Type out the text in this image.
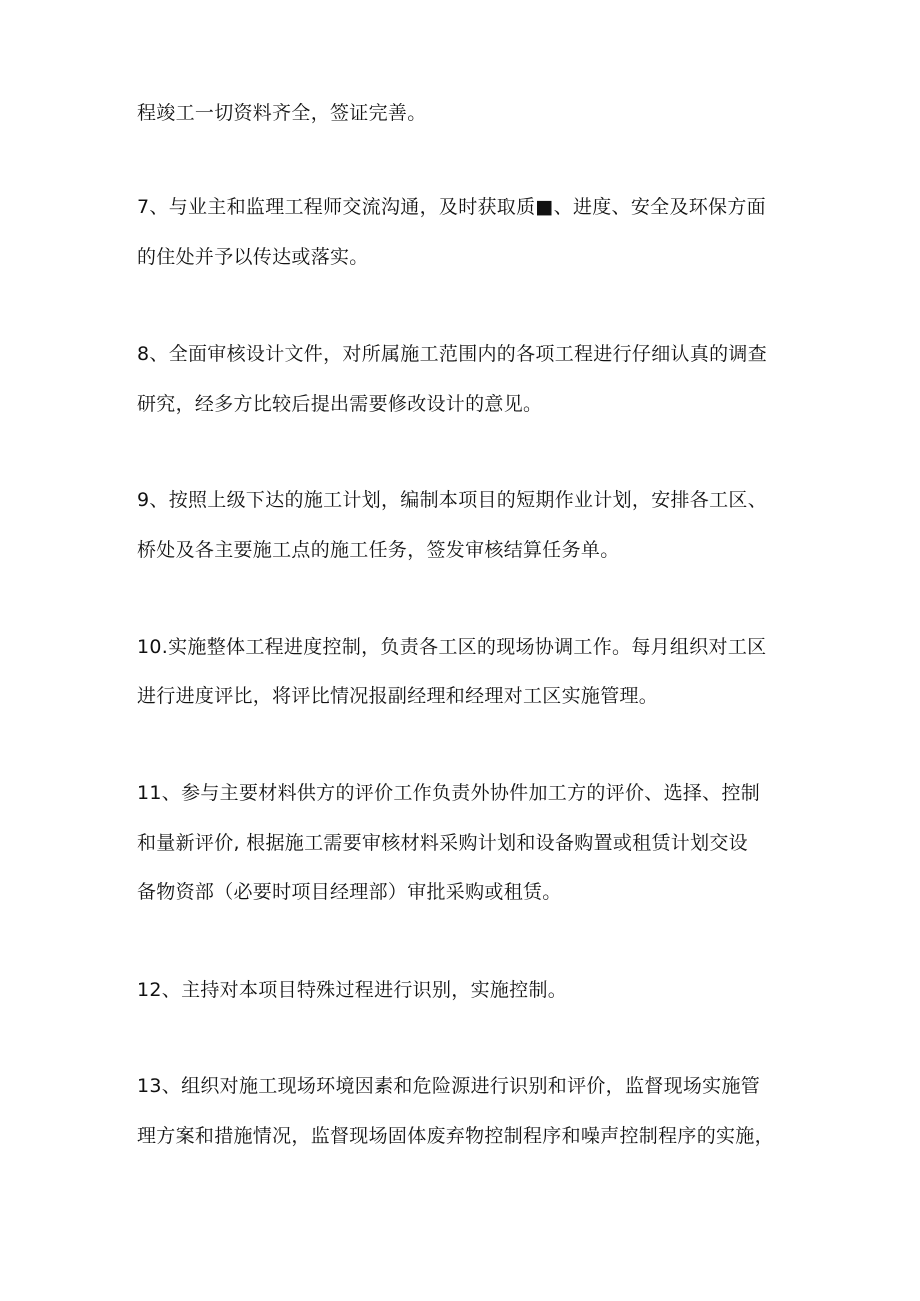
程竣工一切资料齐全，签证完善。
7、与业主和监理工程师交流沟通，及时获取质■、进度、安全及环保方面
的住处并予以传达或落实。
8、全面审核设计文件，对所属施工范围内的各项工程进行仔细认真的调查
研究，经多方比较后提出需要修改设计的意见。
9、按照上级下达的施工计划，编制本项目的短期作业计划，安排各工区、
桥处及各主要施工点的施工任务，签发审核结算任务单。
10.实施整体工程进度控制，负责各工区的现场协调工作。每月组织对工区
进行进度评比，将评比情况报副经理和经理对工区实施管理。
11、参与主要材料供方的评价工作负责外协件加工方的评价、选择、控制
和量新评价, 根据施工需要审核材料采购计划和设备购置或租赁计划交设
备物资部（必要时项目经理部）审批采购或租赁。
12、主持对本项目特殊过程进行识别，实施控制。
13、组织对施工现场环境因素和危险源进行识别和评价，监督现场实施管
理方案和措施情况，监督现场固体废弃物控制程序和噪声控制程序的实施，
